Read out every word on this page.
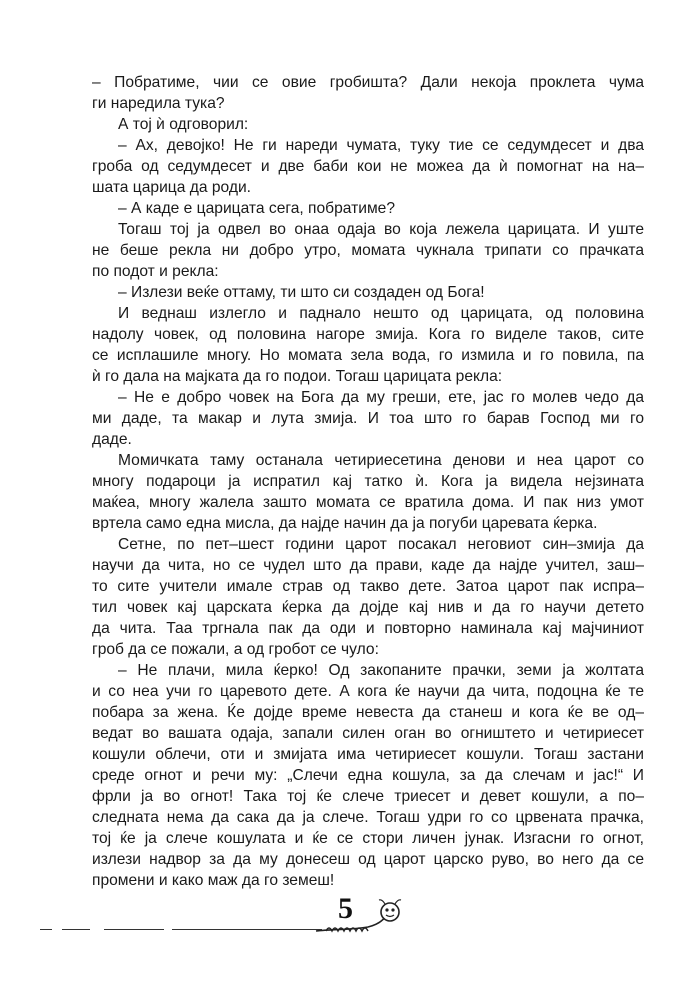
– Побратиме, чии се овие гробишта? Дали некоја проклета чума
ги наредила тука?
А тој ѝ одговорил:
– Ах, девојко! Не ги нареди чумата, туку тие се седумдесет и два
гроба од седумдесет и две баби кои не можеа да ѝ помогнат на на–
шата царица да роди.
– А каде е царицата сега, побратиме?
Тогаш тој ја одвел во онаа одаја во која лежела царицата. И уште
не беше рекла ни добро утро, момата чукнала трипати со прачката
по подот и рекла:
– Излези веќе оттаму, ти што си создаден од Бога!
И веднаш излегло и паднало нешто од царицата, од половина
надолу човек, од половина нагоре змија. Кога го виделе таков, сите
се исплашиле многу. Но момата зела вода, го измила и го повила, па
ѝ го дала на мајката да го подои. Тогаш царицата рекла:
– Не е добро човек на Бога да му греши, ете, јас го молев чедо да
ми даде, та макар и лута змија. И тоа што го барав Господ ми го
даде.
Момичката таму останала четириесетина денови и неа царот со
многу подароци ја испратил кај татко ѝ. Кога ја видела нејзината
маќеа, многу жалела зашто момата се вратила дома. И пак низ умот
вртела само една мисла, да најде начин да ја погуби царевата ќерка.
Сетне, по пет–шест години царот посакал неговиот син–змија да
научи да чита, но се чудел што да прави, каде да најде учител, заш–
то сите учители имале страв од такво дете. Затоа царот пак испра–
тил човек кај царската ќерка да дојде кај нив и да го научи детето
да чита. Таа тргнала пак да оди и повторно наминала кај мајчиниот
гроб да се пожали, а од гробот се чуло:
– Не плачи, мила ќерко! Од закопаните прачки, земи ја жолтата
и со неа учи го царевото дете. А кога ќе научи да чита, подоцна ќе те
побара за жена. Ќе дојде време невеста да станеш и кога ќе ве од–
ведат во вашата одаја, запали силен оган во огништето и четириесет
кошули облечи, оти и змијата има четириесет кошули. Тогаш застани
среде огнот и речи му: „Слечи една кошула, за да слечам и јас!“ И
фрли ја во огнот! Така тој ќе слече триесет и девет кошули, а по–
следната нема да сака да ја слече. Тогаш удри го со црвената прачка,
тој ќе ја слече кошулата и ќе се стори личен јунак. Изгасни го огнот,
излези надвор за да му донесеш од царот царско руво, во него да се
промени и како маж да го земеш!
5
